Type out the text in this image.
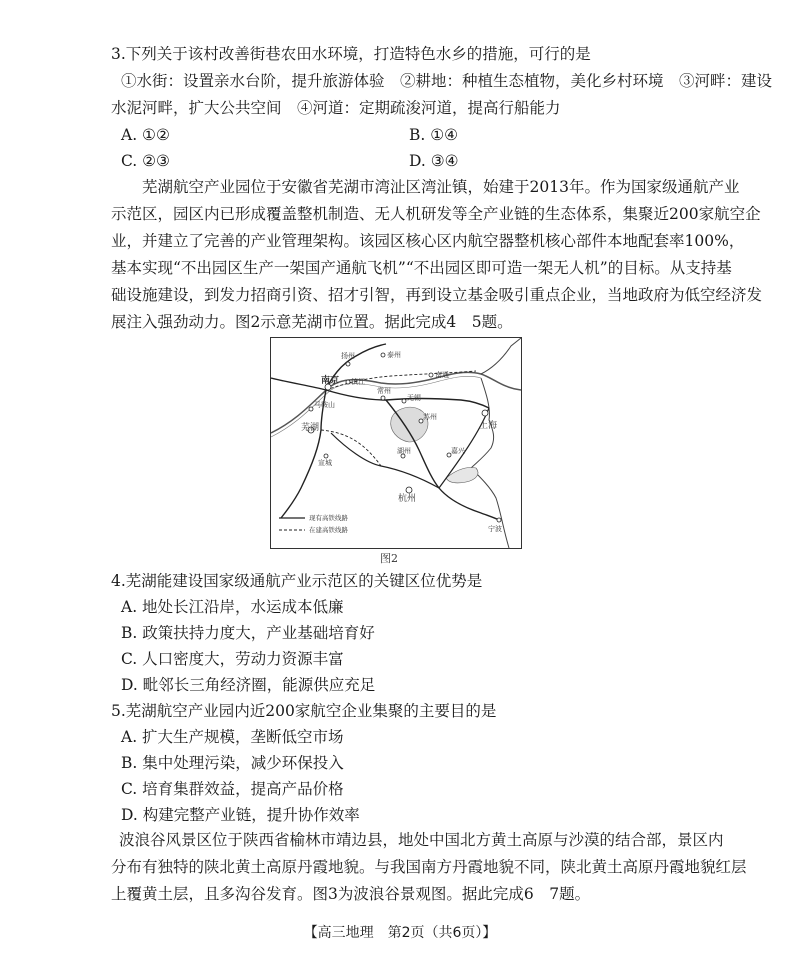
3.下列关于该村改善街巷农田水环境，打造特色水乡的措施，可行的是
①水街：设置亲水台阶，提升旅游体验　②耕地：种植生态植物，美化乡村环境　③河畔：建设
水泥河畔，扩大公共空间　④河道：定期疏浚河道，提高行船能力
A. ①②	B. ①④
C. ②③	D. ③④
芜湖航空产业园位于安徽省芜湖市湾沚区湾沚镇，始建于2013年。作为国家级通航产业
示范区，园区内已形成覆盖整机制造、无人机研发等全产业链的生态体系，集聚近200家航空企
业，并建立了完善的产业管理架构。该园区核心区内航空器整机核心部件本地配套率100%，
基本实现“不出园区生产一架国产通航飞机”“不出园区即可造一架无人机”的目标。从支持基
础设施建设，到发力招商引资、招才引智，再到设立基金吸引重点企业，当地政府为低空经济发
展注入强劲动力。图2示意芜湖市位置。据此完成4　5题。
泰州
扬州
南通
南京 镇江
常州
无锡
马鞍山
苏州
上海
芜湖
宣城
湖州	嘉兴
杭州
宁波
现有高铁线路
在建高铁线路
图2
4.芜湖能建设国家级通航产业示范区的关键区位优势是
A. 地处长江沿岸，水运成本低廉
B. 政策扶持力度大，产业基础培育好
C. 人口密度大，劳动力资源丰富
D. 毗邻长三角经济圈，能源供应充足
5.芜湖航空产业园内近200家航空企业集聚的主要目的是
A. 扩大生产规模，垄断低空市场
B. 集中处理污染，减少环保投入
C. 培育集群效益，提高产品价格
D. 构建完整产业链，提升协作效率
波浪谷风景区位于陕西省榆林市靖边县，地处中国北方黄土高原与沙漠的结合部，景区内
分布有独特的陕北黄土高原丹霞地貌。与我国南方丹霞地貌不同，陕北黄土高原丹霞地貌红层
上覆黄土层，且多沟谷发育。图3为波浪谷景观图。据此完成6　7题。
【高三地理　第2页（共6页）】
